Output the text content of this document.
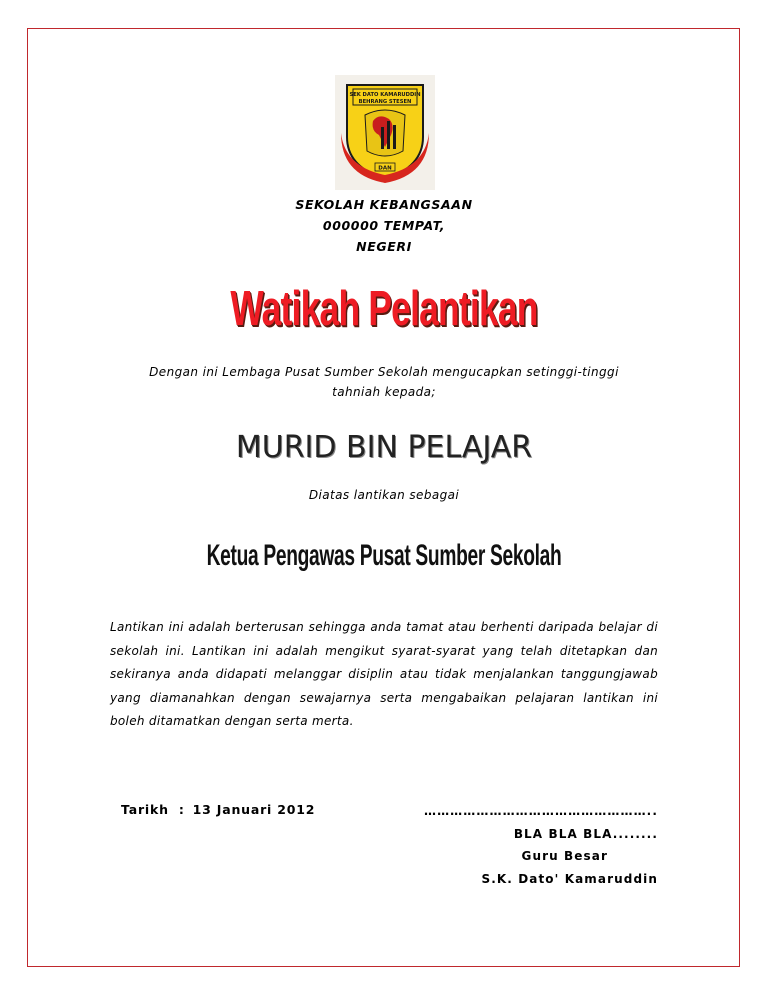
SEK DATO KAMARUDDIN
BEHRANG STESEN
DAN
SEKOLAH KEBANGSAAN
000000 TEMPAT,
NEGERI
Watikah Pelantikan
Dengan ini Lembaga Pusat Sumber Sekolah mengucapkan setinggi-tinggi
tahniah kepada;
MURID BIN PELAJAR
Diatas lantikan sebagai
Ketua Pengawas Pusat Sumber Sekolah
Lantikan ini adalah berterusan sehingga anda tamat atau berhenti daripada belajar di sekolah ini. Lantikan ini adalah mengikut syarat-syarat yang telah ditetapkan dan sekiranya anda didapati melanggar disiplin atau tidak menjalankan tanggungjawab yang diamanahkan dengan sewajarnya serta mengabaikan pelajaran lantikan ini boleh ditamatkan dengan serta merta.
Tarikh : 13 Januari 2012	……………………………………………..
BLA BLA BLA........
Guru Besar
S.K. Dato' Kamaruddin
